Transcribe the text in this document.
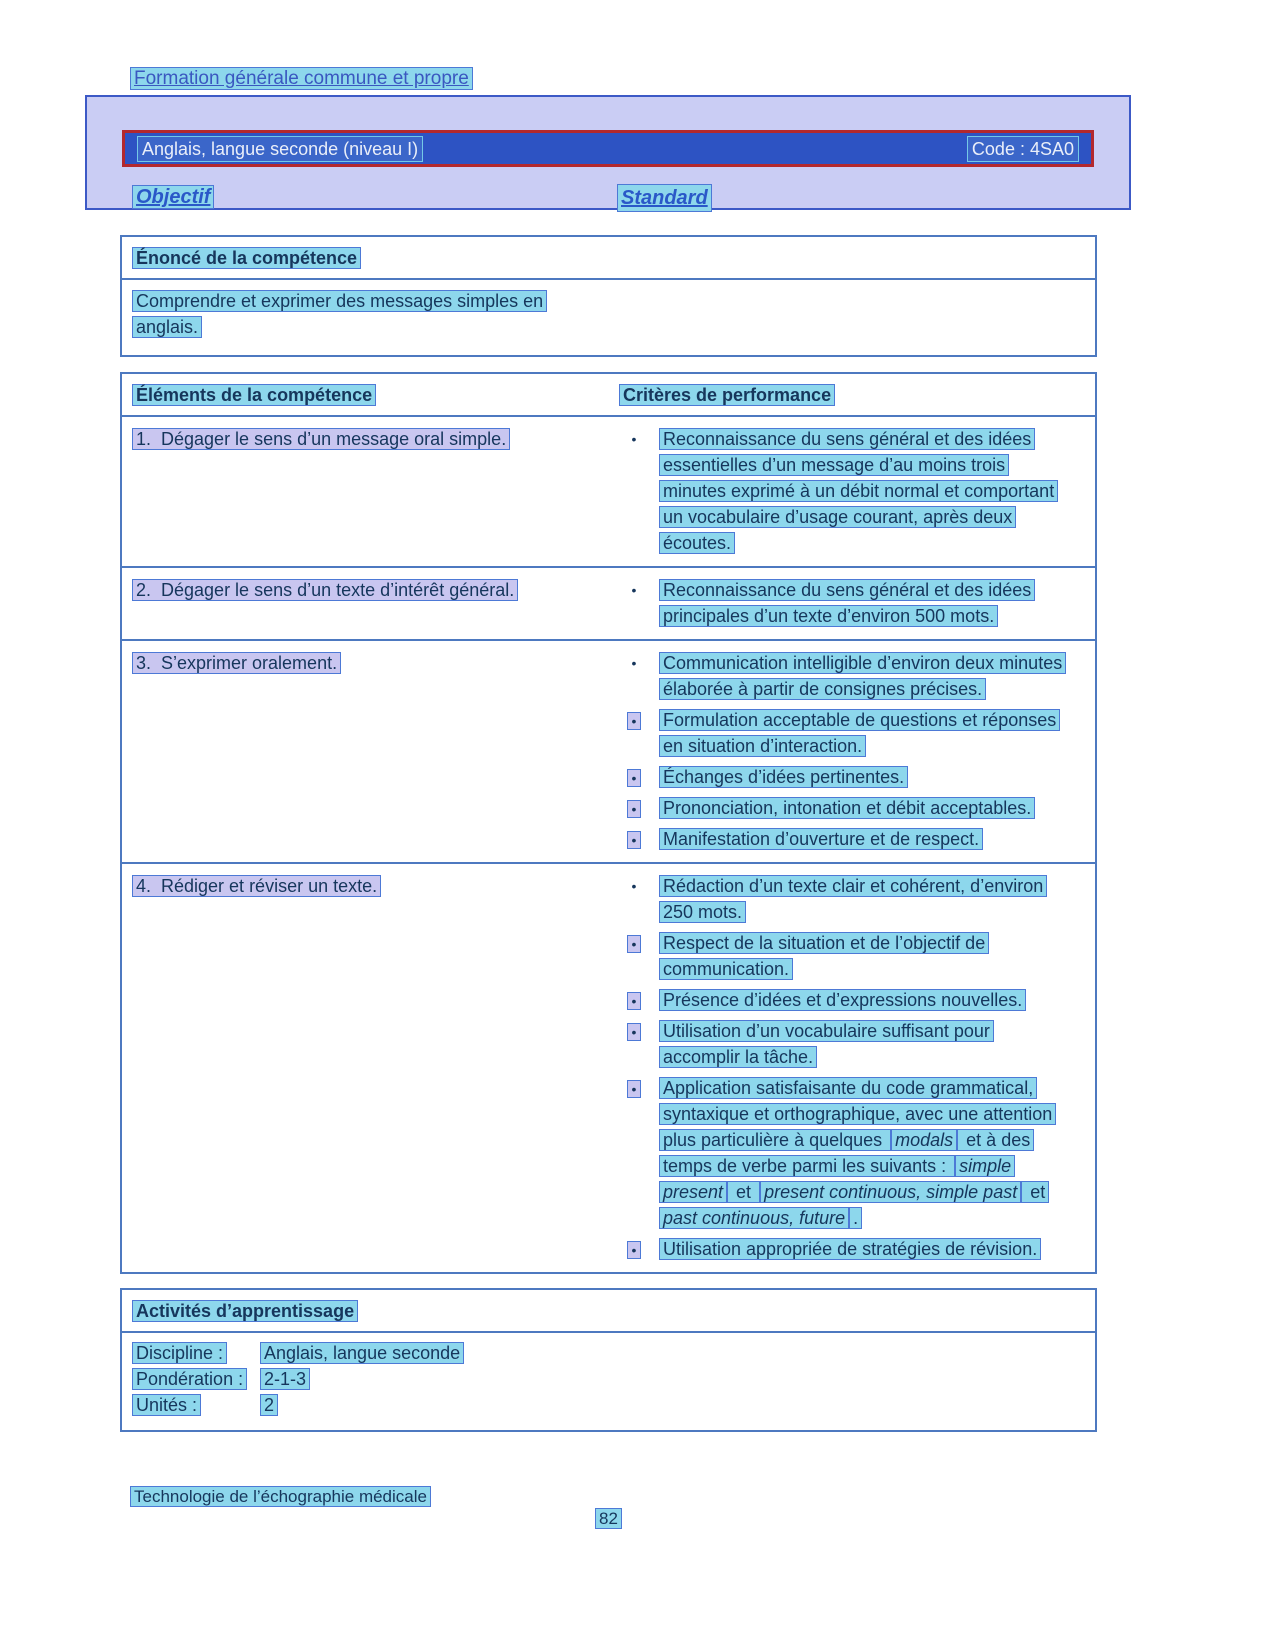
Formation générale commune et propre
Anglais, langue seconde (niveau I)	Code : 4SA0
Objectif	Standard
Énoncé de la compétence
Comprendre et exprimer des messages simples en anglais.
Éléments de la compétence	Critères de performance
1.  Dégager le sens d’un message oral simple.	• Reconnaissance du sens général et des idées essentielles d’un message d’au moins trois minutes exprimé à un débit normal et comportant un vocabulaire d’usage courant, après deux écoutes.
2.  Dégager le sens d’un texte d’intérêt général.	• Reconnaissance du sens général et des idées principales d’un texte d’environ 500 mots.
3.  S’exprimer oralement.	• Communication intelligible d’environ deux minutes élaborée à partir de consignes précises.
• Formulation acceptable de questions et réponses en situation d’interaction.
• Échanges d’idées pertinentes.
• Prononciation, intonation et débit acceptables.
• Manifestation d’ouverture et de respect.
4.  Rédiger et réviser un texte.	• Rédaction d’un texte clair et cohérent, d’environ 250 mots.
• Respect de la situation et de l’objectif de communication.
• Présence d’idées et d’expressions nouvelles.
• Utilisation d’un vocabulaire suffisant pour accomplir la tâche.
• Application satisfaisante du code grammatical, syntaxique et orthographique, avec une attention plus particulière à quelques modals et à des temps de verbe parmi les suivants : simple present et present continuous, simple past et past continuous, future .
• Utilisation appropriée de stratégies de révision.
Activités d’apprentissage
Discipline :	Anglais, langue seconde
Pondération :	2-1-3
Unités :	2
Technologie de l’échographie médicale
82
